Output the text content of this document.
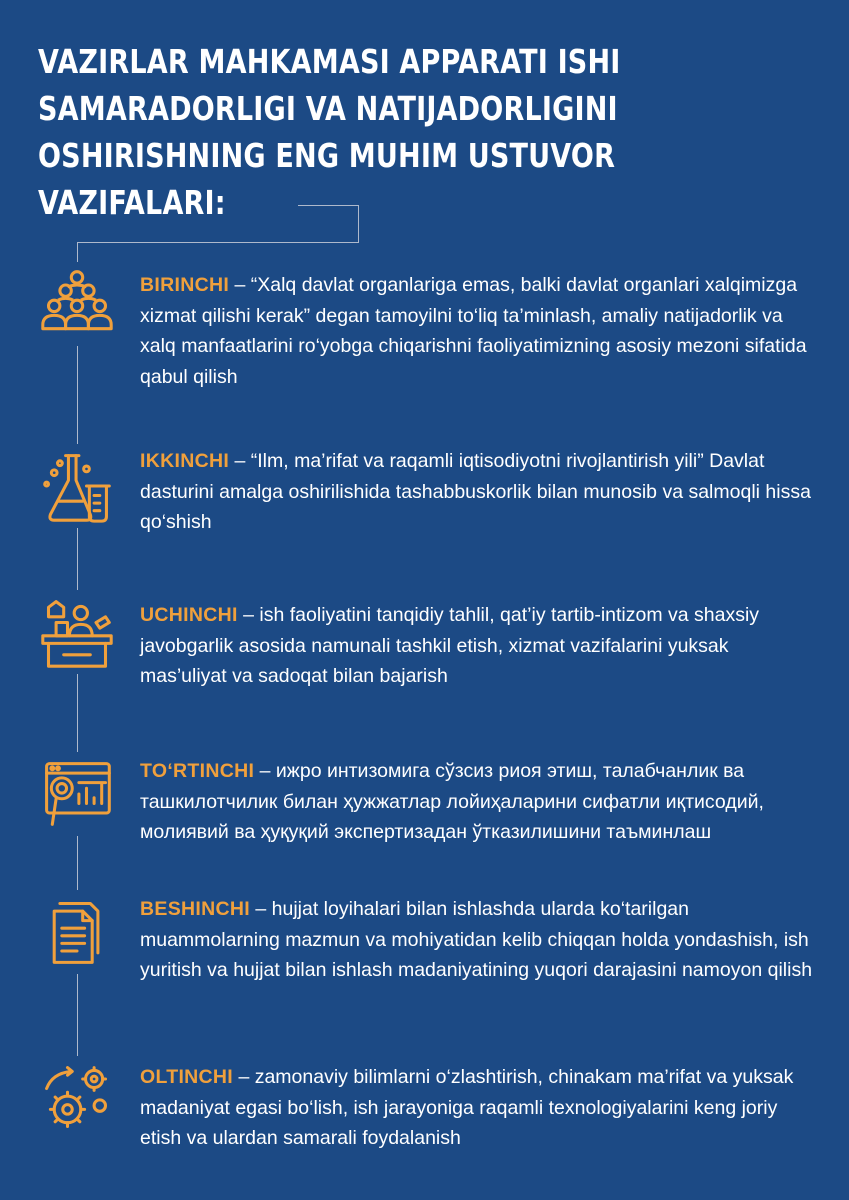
VAZIRLAR MAHKAMASI APPARATI ISHI
SAMARADORLIGI VA NATIJADORLIGINI
OSHIRISHNING ENG MUHIM USTUVOR
VAZIFALARI:
BIRINCHI – “Xalq davlat organlariga emas, balki davlat organlari xalqimizga xizmat qilishi kerak” degan tamoyilni to‘liq ta’minlash, amaliy natijadorlik va xalq manfaatlarini ro‘yobga chiqarishni faoliyatimizning asosiy mezoni sifatida qabul qilish
IKKINCHI – “Ilm, ma’rifat va raqamli iqtisodiyotni rivojlantirish yili” Davlat dasturini amalga oshirilishida tashabbuskorlik bilan munosib va salmoqli hissa qo‘shish
UCHINCHI – ish faoliyatini tanqidiy tahlil, qat’iy tartib-intizom va shaxsiy javobgarlik asosida namunali tashkil etish, xizmat vazifalarini yuksak mas’uliyat va sadoqat bilan bajarish
TO‘RTINCHI – ижро интизомига сўзсиз риоя этиш, талабчанлик ва ташкилотчилик билан ҳужжатлар лойиҳаларини сифатли иқтисодий, молиявий ва ҳуқуқий экспертизадан ўтказилишини таъминлаш
BESHINCHI – hujjat loyihalari bilan ishlashda ularda ko‘tarilgan muammolarning mazmun va mohiyatidan kelib chiqqan holda yondashish, ish yuritish va hujjat bilan ishlash madaniyatining yuqori darajasini namoyon qilish
OLTINCHI – zamonaviy bilimlarni o‘zlashtirish, chinakam ma’rifat va yuksak madaniyat egasi bo‘lish, ish jarayoniga raqamli texnologiyalarini keng joriy etish va ulardan samarali foydalanish
